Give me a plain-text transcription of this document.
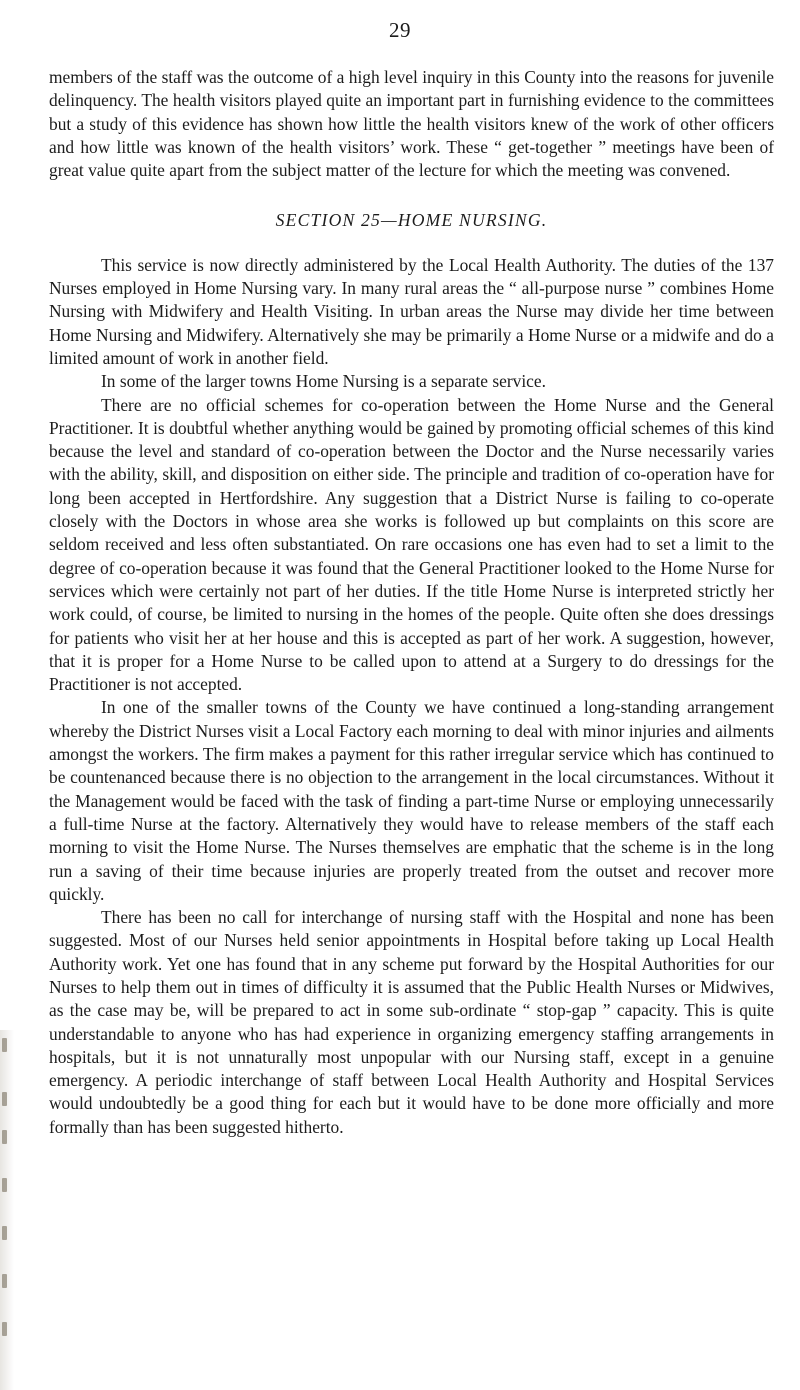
29

members of the staff was the outcome of a high level inquiry in this County into the reasons for juvenile delinquency. The health visitors played quite an important part in furnishing evidence to the committees but a study of this evidence has shown how little the health visitors knew of the work of other officers and how little was known of the health visitors’ work. These “ get-together ” meetings have been of great value quite apart from the subject matter of the lecture for which the meeting was convened.

SECTION 25—HOME NURSING.

This service is now directly administered by the Local Health Authority. The duties of the 137 Nurses employed in Home Nursing vary. In many rural areas the “ all-purpose nurse ” combines Home Nursing with Midwifery and Health Visiting. In urban areas the Nurse may divide her time between Home Nursing and Midwifery. Alternatively she may be primarily a Home Nurse or a midwife and do a limited amount of work in another field.

In some of the larger towns Home Nursing is a separate service.

There are no official schemes for co-operation between the Home Nurse and the General Practitioner. It is doubtful whether anything would be gained by promoting official schemes of this kind because the level and standard of co-operation between the Doctor and the Nurse necessarily varies with the ability, skill, and disposition on either side. The principle and tradition of co-operation have for long been accepted in Hertfordshire. Any suggestion that a District Nurse is failing to co-operate closely with the Doctors in whose area she works is followed up but complaints on this score are seldom received and less often substantiated. On rare occasions one has even had to set a limit to the degree of co-operation because it was found that the General Practitioner looked to the Home Nurse for services which were certainly not part of her duties. If the title Home Nurse is interpreted strictly her work could, of course, be limited to nursing in the homes of the people. Quite often she does dressings for patients who visit her at her house and this is accepted as part of her work. A suggestion, however, that it is proper for a Home Nurse to be called upon to attend at a Surgery to do dressings for the Practitioner is not accepted.

In one of the smaller towns of the County we have continued a long-standing arrangement whereby the District Nurses visit a Local Factory each morning to deal with minor injuries and ailments amongst the workers. The firm makes a payment for this rather irregular service which has continued to be countenanced because there is no objection to the arrangement in the local circumstances. Without it the Management would be faced with the task of finding a part-time Nurse or employing unnecessarily a full-time Nurse at the factory. Alternatively they would have to release members of the staff each morning to visit the Home Nurse. The Nurses themselves are emphatic that the scheme is in the long run a saving of their time because injuries are properly treated from the outset and recover more quickly.

There has been no call for interchange of nursing staff with the Hospital and none has been suggested. Most of our Nurses held senior appointments in Hospital before taking up Local Health Authority work. Yet one has found that in any scheme put forward by the Hospital Authorities for our Nurses to help them out in times of difficulty it is assumed that the Public Health Nurses or Midwives, as the case may be, will be prepared to act in some sub-ordinate “ stop-gap ” capacity. This is quite understandable to anyone who has had experience in organizing emergency staffing arrangements in hospitals, but it is not unnaturally most unpopular with our Nursing staff, except in a genuine emergency. A periodic interchange of staff between Local Health Authority and Hospital Services would undoubtedly be a good thing for each but it would have to be done more officially and more formally than has been suggested hitherto.
